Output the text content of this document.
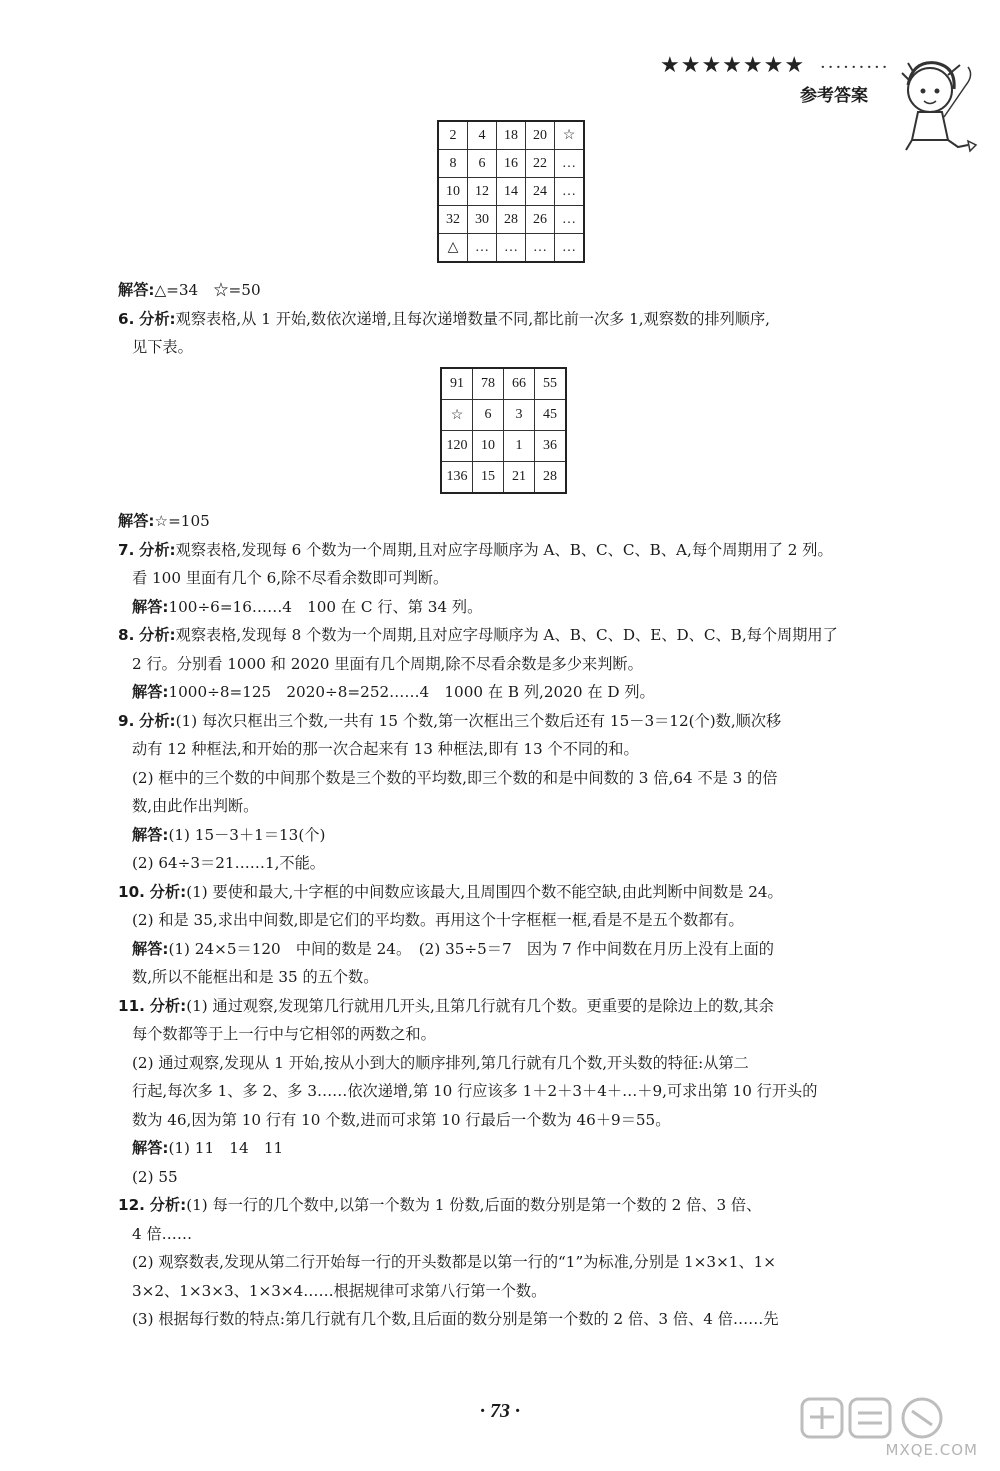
★★★★★★★ ·········
参考答案
2	4	18	20	☆
8	6	16	22	…
10	12	14	24	…
32	30	28	26	…
△	…	…	…	…

解答:△=34　☆=50

6. 分析:观察表格,从 1 开始,数依次递增,且每次递增数量不同,都比前一次多 1,观察数的排列顺序,

见下表。

91	78	66	55
☆	6	3	45
120	10	1	36
136	15	21	28

解答:☆=105

7. 分析:观察表格,发现每 6 个数为一个周期,且对应字母顺序为 A、B、C、C、B、A,每个周期用了 2 列。

看 100 里面有几个 6,除不尽看余数即可判断。

解答:100÷6=16……4　100 在 C 行、第 34 列。

8. 分析:观察表格,发现每 8 个数为一个周期,且对应字母顺序为 A、B、C、D、E、D、C、B,每个周期用了

2 行。分别看 1000 和 2020 里面有几个周期,除不尽看余数是多少来判断。

解答:1000÷8=125　2020÷8=252……4　1000 在 B 列,2020 在 D 列。

9. 分析:(1) 每次只框出三个数,一共有 15 个数,第一次框出三个数后还有 15－3＝12(个)数,顺次移

动有 12 种框法,和开始的那一次合起来有 13 种框法,即有 13 个不同的和。

(2) 框中的三个数的中间那个数是三个数的平均数,即三个数的和是中间数的 3 倍,64 不是 3 的倍

数,由此作出判断。

解答:(1) 15－3＋1＝13(个)

(2) 64÷3＝21……1,不能。

10. 分析:(1) 要使和最大,十字框的中间数应该最大,且周围四个数不能空缺,由此判断中间数是 24。

(2) 和是 35,求出中间数,即是它们的平均数。再用这个十字框框一框,看是不是五个数都有。

解答:(1) 24×5＝120　中间的数是 24。　(2) 35÷5＝7　因为 7 作中间数在月历上没有上面的

数,所以不能框出和是 35 的五个数。

11. 分析:(1) 通过观察,发现第几行就用几开头,且第几行就有几个数。更重要的是除边上的数,其余

每个数都等于上一行中与它相邻的两数之和。

(2) 通过观察,发现从 1 开始,按从小到大的顺序排列,第几行就有几个数,开头数的特征:从第二

行起,每次多 1、多 2、多 3……依次递增,第 10 行应该多 1＋2＋3＋4＋…＋9,可求出第 10 行开头的

数为 46,因为第 10 行有 10 个数,进而可求第 10 行最后一个数为 46＋9＝55。

解答:(1) 11　14　11

(2) 55

12. 分析:(1) 每一行的几个数中,以第一个数为 1 份数,后面的数分别是第一个数的 2 倍、3 倍、

4 倍……

(2) 观察数表,发现从第二行开始每一行的开头数都是以第一行的“1”为标准,分别是 1×3×1、1×

3×2、1×3×3、1×3×4……根据规律可求第八行第一个数。

(3) 根据每行数的特点:第几行就有几个数,且后面的数分别是第一个数的 2 倍、3 倍、4 倍……先

· 73 ·
MXQE.COM
